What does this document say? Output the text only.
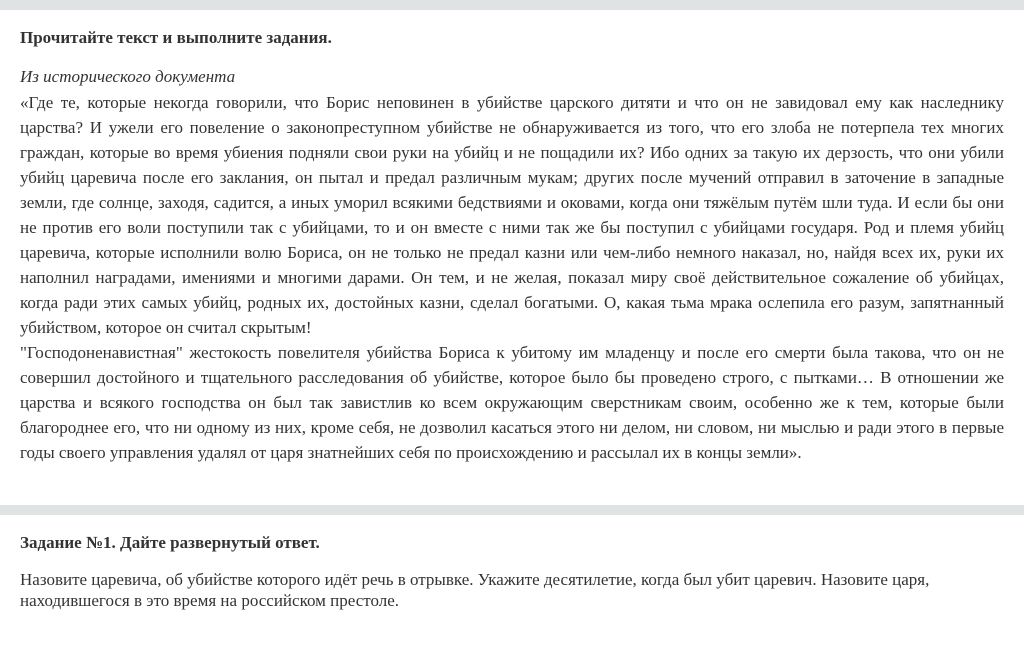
Прочитайте текст и выполните задания.
Из исторического документа

«Где те, которые некогда говорили, что Борис неповинен в убийстве царского дитяти и что он не завидовал ему как наследнику царства? И ужели его повеление о законопреступном убийстве не обнаруживается из того, что его злоба не потерпела тех многих граждан, которые во время убиения подняли свои руки на убийц и не пощадили их? Ибо одних за такую их дерзость, что они убили убийц царевича после его заклания, он пытал и предал различным мукам; других после мучений отправил в заточение в западные земли, где солнце, заходя, садится, а иных уморил всякими бедствиями и оковами, когда они тяжёлым путём шли туда. И если бы они не против его воли поступили так с убийцами, то и он вместе с ними так же бы поступил с убийцами государя. Род и племя убийц царевича, которые исполнили волю Бориса, он не только не предал казни или чем-либо немного наказал, но, найдя всех их, руки их наполнил наградами, имениями и многими дарами. Он тем, и не желая, показал миру своё действительное сожаление об убийцах, когда ради этих самых убийц, родных их, достойных казни, сделал богатыми. О, какая тьма мрака ослепила его разум, запятнанный убийством, которое он считал скрытым!

"Господоненавистная" жестокость повелителя убийства Бориса к убитому им младенцу и после его смерти была такова, что он не совершил достойного и тщательного расследования об убийстве, которое было бы проведено строго, с пытками… В отношении же царства и всякого господства он был так завистлив ко всем окружающим сверстникам своим, особенно же к тем, которые были благороднее его, что ни одному из них, кроме себя, не дозволил касаться этого ни делом, ни словом, ни мыслью и ради этого в первые годы своего управления удалял от царя знатнейших себя по происхождению и рассылал их в концы земли».

Задание №1. Дайте развернутый ответ.
Назовите царевича, об убийстве которого идёт речь в отрывке. Укажите десятилетие, когда был убит царевич. Назовите царя, находившегося в это время на российском престоле.
